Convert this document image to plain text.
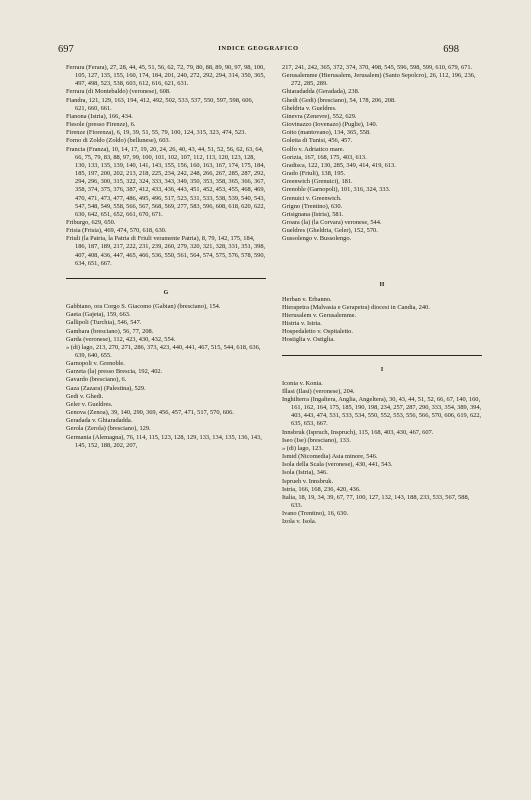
697	INDICE GEOGRAFICO	698

Ferrara (Ferara), 27, 28, 44, 45, 51, 56, 62, 72, 79, 80, 88, 89, 90, 97, 98, 100, 105, 127, 135, 155, 160, 174, 184, 201, 240, 272, 292, 294, 314, 350, 365, 497, 498, 523, 538, 603, 612, 616, 621, 631.

Ferrara (di Montebaldo) (veronese), 608.

Fiandra, 121, 129, 163, 194, 412, 492, 502, 533, 537, 550, 597, 598, 606, 621, 660, 661.

Fianona (Istria), 166, 434.

Fiesole (presso Firenze), 6.

Firenze (Fiorenza), 6, 19, 39, 51, 55, 79, 100, 124, 315, 323, 474, 523.

Forno di Zoldo (Zoldo) (bellunese), 603.

Francia (Franza), 10, 14, 17, 19, 20, 24, 26, 40, 43, 44, 51, 52, 56, 62, 63, 64, 66, 75, 79, 83, 88, 97, 99, 100, 101, 102, 107, 112, 113, 120, 123, 128, 130, 133, 135, 139, 140, 141, 143, 155, 156, 160, 163, 167, 174, 175, 184, 185, 197, 200, 202, 213, 218, 225, 234, 242, 248, 266, 267, 285, 287, 292, 294, 296, 300, 315, 322, 324, 333, 343, 349, 350, 353, 358, 365, 366, 367, 358, 374, 375, 376, 387, 412, 433, 436, 443, 451, 452, 453, 455, 468, 469, 470, 471, 473, 477, 486, 495, 496, 517, 523, 531, 533, 538, 539, 540, 543, 547, 548, 549, 558, 566, 567, 568, 569, 277, 583, 596, 608, 618, 620, 622, 630, 642, 651, 652, 661, 670, 671.

Friburgo, 629, 650.

Frisia (Frisia), 469, 474, 570, 618, 630.

Friuli (la Patria, la Patria di Friuli veramente Patria), 8, 79, 142, 175, 184, 186, 187, 189, 217, 222, 231, 239, 260, 279, 320, 321, 328, 331, 351, 398, 407, 408, 436, 447, 465, 466, 536, 550, 561, 564, 574, 575, 576, 578, 590, 634, 651, 667.

G

Gabbiano, ora Corgo S. Giacomo (Gabian) (bresciano), 154.

Gaeta (Gajeta), 159, 663.

Gallipoli (Turchia), 546, 547.

Gambara (bresciano), 56, 77, 208.

Garda (veronese), 112, 423, 430, 432, 554.

» (di) lago, 213, 270, 271, 286, 373, 423, 440, 441, 467, 515, 544, 618, 636, 639, 640, 655.

Garnopoli v. Grenoble.

Garzeta (la) presso Brescia, 192, 402.

Gavardo (bresciano), 6.

Gaza (Zazara) (Palestina), 529.

Gedi v. Ghedi.

Geler v. Gueldres.

Genova (Zenoa), 39, 140, 290, 369, 456, 457, 471, 517, 570, 606.

Geradada v. Ghiaradadda.

Gerola (Zerola) (bresciano), 129.

Germania (Alemagna), 76, 114, 115, 123, 128, 129, 133, 134, 135, 136, 143, 145, 152, 188, 202, 207,

217, 241, 242, 365, 372, 374, 370, 498, 545, 596, 598, 599, 610, 679, 671.

Gerusalemme (Hierusalem, Jerusalem) (Santo Sepolcro), 26, 112, 196, 236, 272, 285, 289.

Ghiaradadda (Geradada), 238.

Ghedi (Gedi) (bresciano), 54, 178, 206, 208.

Gheldria v. Gueldres.

Ginevra (Zenevre), 552, 629.

Giovinazzo (Iovenazo) (Puglie), 140.

Goito (mantovano), 134, 365, 558.

Goletta di Tunisi, 456, 457.

Golfo v. Adriatico mare.

Gorizia, 167, 168, 175, 403, 613.

Gradisca, 122, 130, 285, 349, 414, 419, 613.

Grado (Friuli), 138, 195.

Greenwich (Grenuici), 181.

Grenoble (Garnopoli), 101, 316, 324, 333.

Grenuici v. Greenwich.

Grigno (Trentino), 630.

Grisignana (Istria), 581.

Groara (la) (la Corvara) veronese, 544.

Gueldres (Gheldria, Geler), 152, 570.

Gussolengo v. Bussolengo.

H

Herban v. Erbanno.

Hierapetra (Malvasia e Gerapetra) diocesi in Candia, 240.

Hierusalem v. Gerusalemme.

Histria v. Istria.

Hospedaletto v. Ospitaletto.

Hostiglia v. Ostiglia.

I

Iconia v. Konia.

Illasi (Ilasi) (veronese), 204.

Inghilterra (Ingaltera, Anglia, Angeltera), 30, 43, 44, 51, 52, 66, 67, 140, 160, 161, 162, 164, 175, 185, 190, 198, 234, 257, 287, 290, 333, 354, 389, 394, 403, 443, 474, 531, 533, 534, 550, 552, 553, 556, 566, 570, 606, 619, 622, 635, 653, 667.

Innsbruk (Ispruch, Inspruch), 115, 168, 403, 430, 467, 607.

Iseo (Ise) (bresciano), 133.

» (di) lago, 123.

Ismid (Nicomedia) Asia minore, 546.

Isola della Scala (veronese), 430, 441, 543.

Isola (Istria), 346.

Isprueh v. Innsbruk.

Istria, 166, 168, 236, 420, 436.

Italia, 18, 19, 34, 39, 67, 77, 100, 127, 132, 143, 188, 233, 533, 567, 588, 633.

Ivano (Trentino), 16, 630.

Izola v. Isola.
